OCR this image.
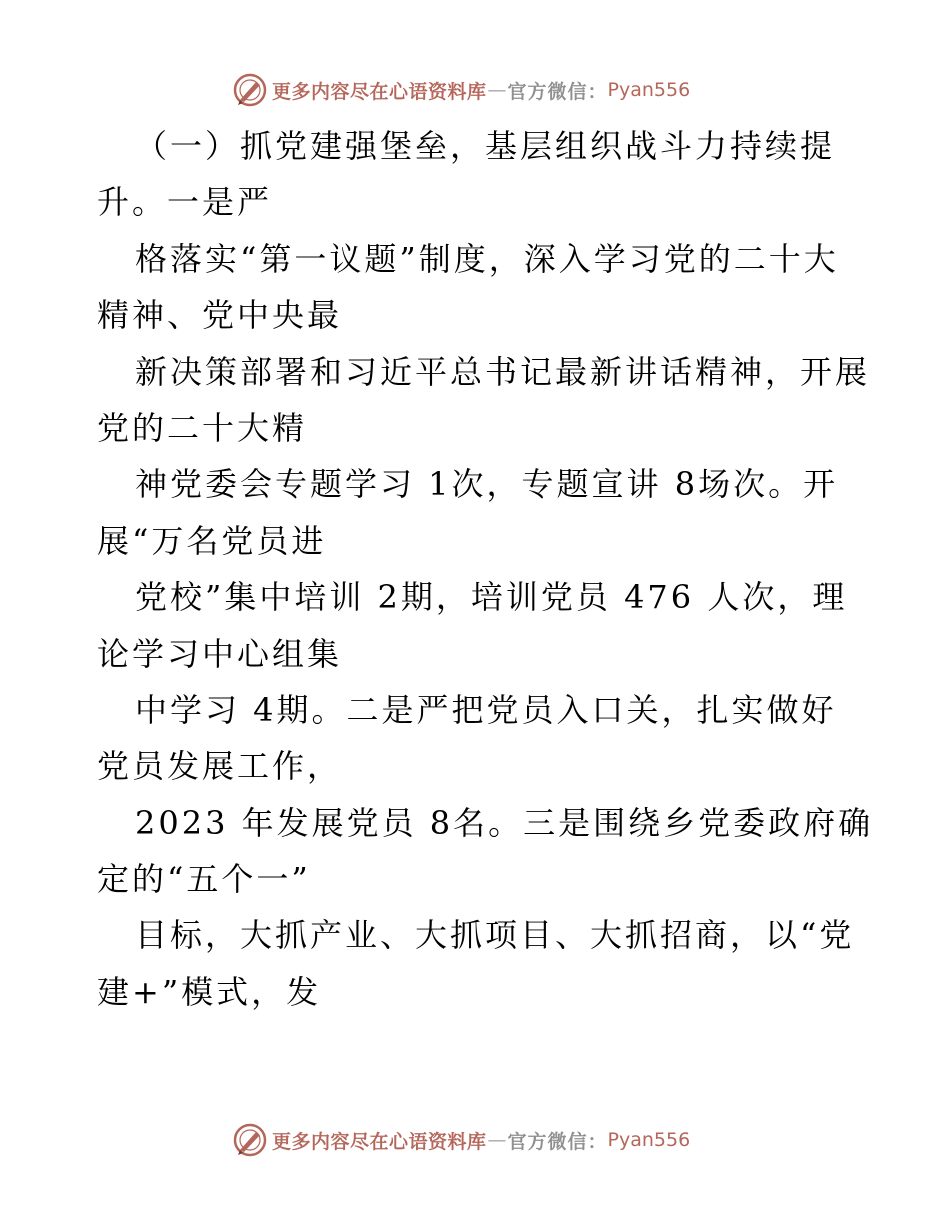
更多内容尽在心语资料库 — 官方微信： Pyan556
（一）抓党建强堡垒，基层组织战斗力持续提
升。一是严
格落实“第一议题”制度，深入学习党的二十大
精神、党中央最
新决策部署和习近平总书记最新讲话精神，开展
党的二十大精
神党委会专题学习 1次，专题宣讲 8场次。开
展“万名党员进
党校”集中培训 2期，培训党员 476 人次，理
论学习中心组集
中学习 4期。二是严把党员入口关，扎实做好
党员发展工作，
2023 年发展党员 8名。三是围绕乡党委政府确
定的“五个一”
目标，大抓产业、大抓项目、大抓招商，以“党
建+”模式，发
更多内容尽在心语资料库 — 官方微信： Pyan556
